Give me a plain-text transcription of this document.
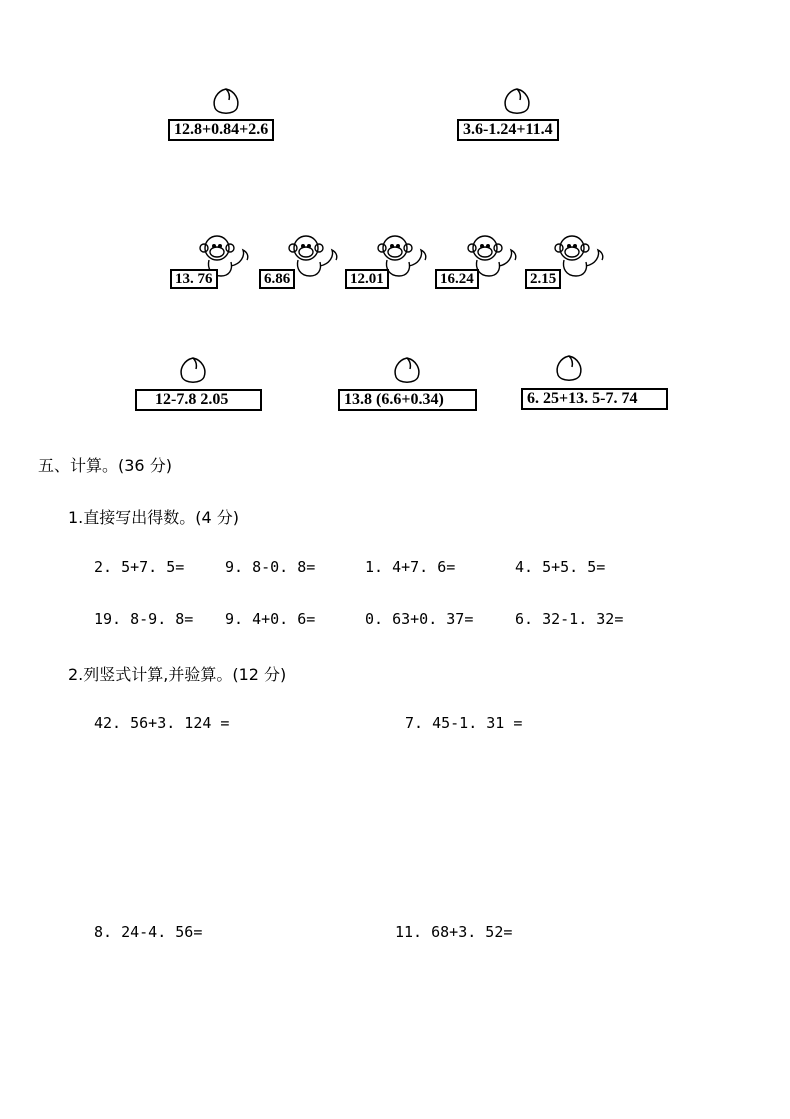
12.8+0.84+2.6	3.6-1.24+11.4
13. 76	6.86	12.01	16.24	2.15
12-7.8 2.05	13.8 (6.6+0.34)	6. 25+13. 5-7. 74
五、计算。(36 分)
1.直接写出得数。(4 分)
2. 5+7. 5=	9. 8-0. 8=	1. 4+7. 6=	4. 5+5. 5=
19. 8-9. 8= 9. 4+0. 6=	0. 63+0. 37=	6. 32-1. 32=
2.列竖式计算,并验算。(12 分)
42. 56+3. 124 =	7. 45-1. 31 =
8. 24-4. 56=	11. 68+3. 52=
